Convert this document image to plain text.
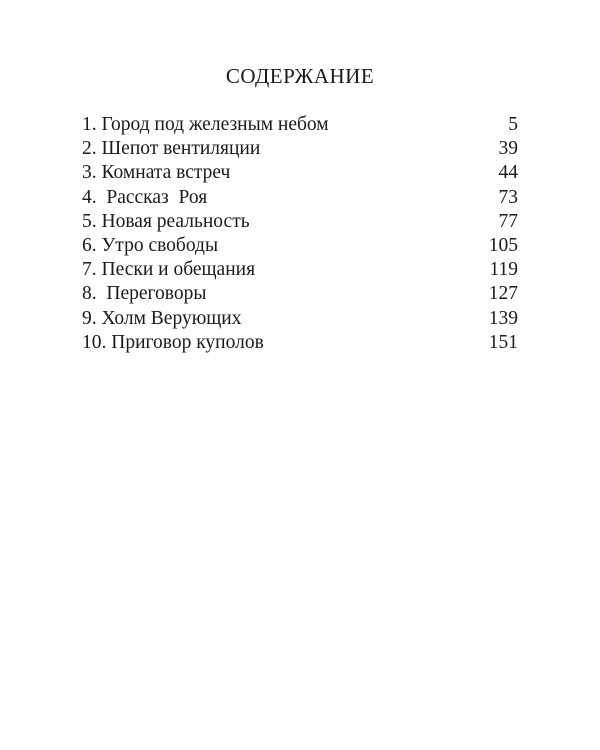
СОДЕРЖАНИЕ
1. Город под железным небом	5
2. Шепот вентиляции	39
3. Комната встреч	44
4.  Рассказ  Роя	73
5. Новая реальность	77
6. Утро свободы	105
7. Пески и обещания	119
8.  Переговоры	127
9. Холм Верующих	139
10. Приговор куполов	151
